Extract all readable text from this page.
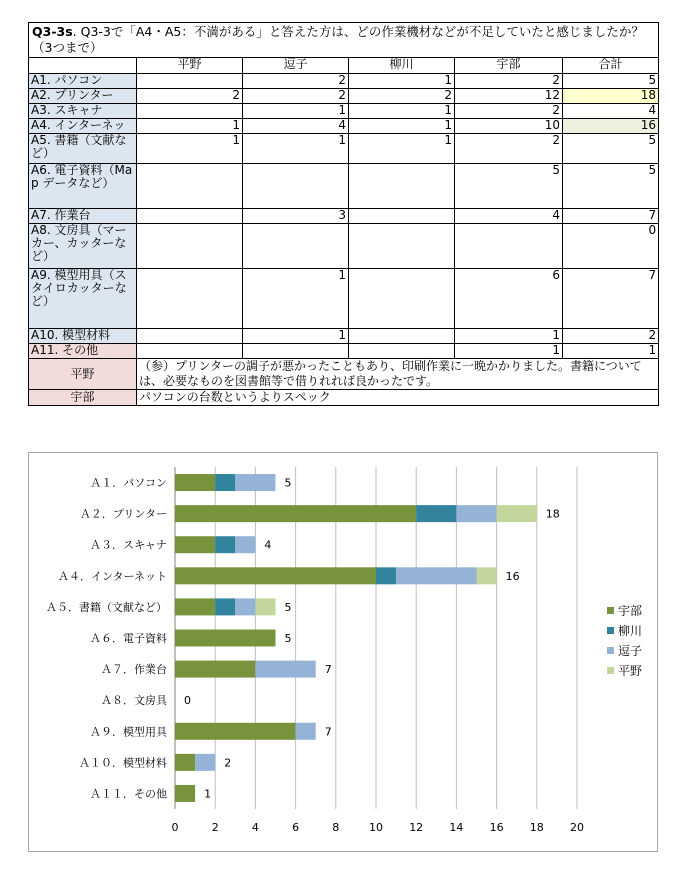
Q3-3s. Q3-3で「A4・A5：不満がある」と答えた方は、どの作業機材などが不足していたと感じましたか？（3つまで）					
	平野	逗子	柳川	宇部	合計
A1. パソコン		2	1	2	5
A2. プリンター	2	2	2	12	18
A3. スキャナ		1	1	2	4
A4. インターネッ	1	4	1	10	16
A5. 書籍（文献など）	1	1	1	2	5
A6. 電子資料（Map データなど）				5	5
A7. 作業台		3		4	7
A8. 文房具（マーカー、カッターなど）					0
A9. 模型用具（スタイロカッターなど）		1		6	7
A10. 模型材料		1		1	2
A11. その他				1	1
平野	（参）プリンターの調子が悪かったこともあり、印刷作業に一晩かかりました。書籍については、必要なものを図書館等で借りれれば良かったです。				
宇部	パソコンの台数というよりスペック				
Ａ１．パソコン	5
Ａ２．プリンター	18
Ａ３．スキャナ	4
Ａ４．インターネット	16
Ａ５．書籍（文献など）	5
Ａ６．電子資料	5
Ａ７．作業台	7
Ａ８．文房具 0
Ａ９．模型用具	7
Ａ１０．模型材料	2
Ａ１１．その他	1
0	2	4	6	8	10 12 14 16 18 20
宇部
柳川
逗子
平野
